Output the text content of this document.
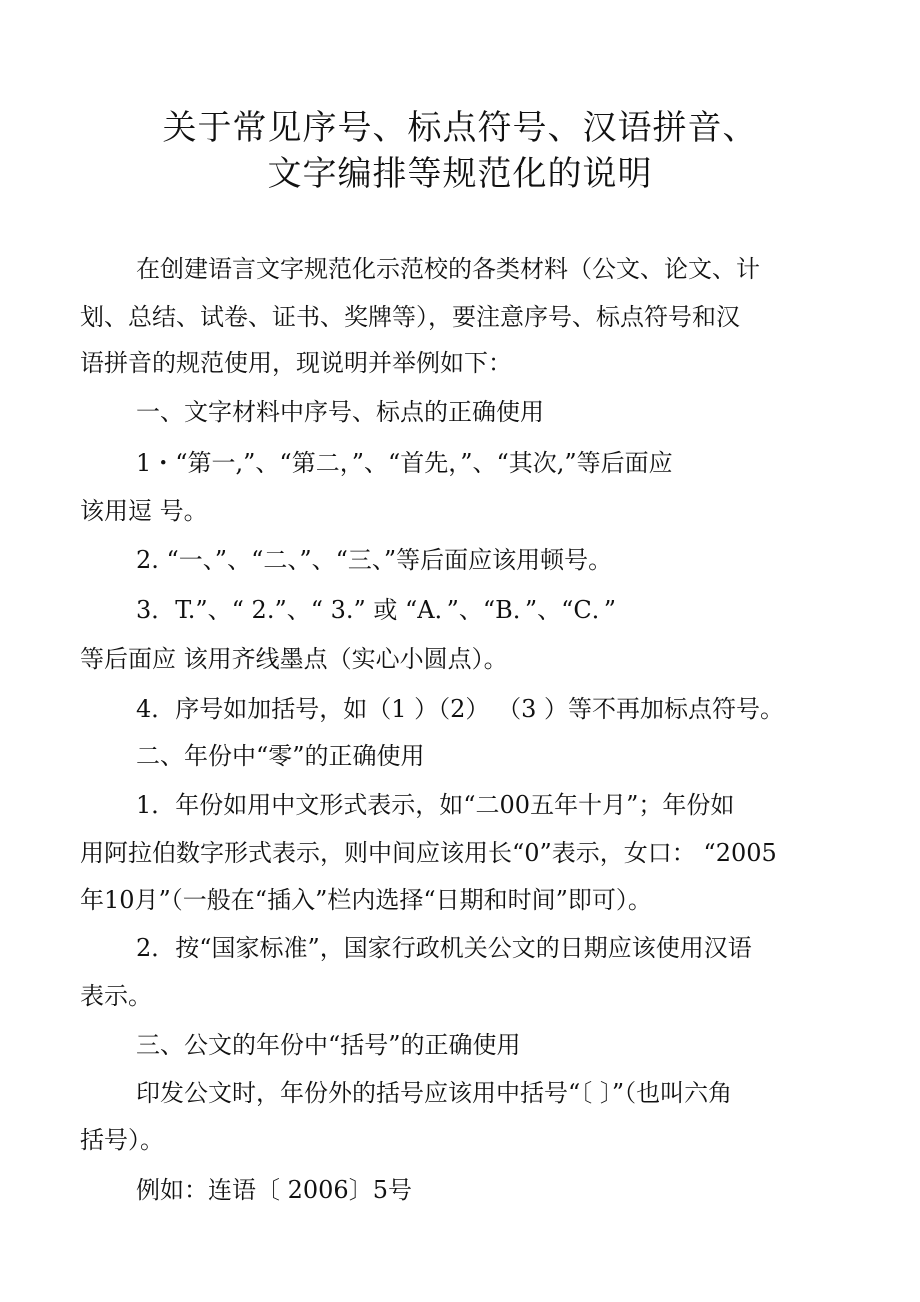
关于常见序号、标点符号、汉语拼音、
文字编排等规范化的说明
在创建语言文字规范化示范校的各类材料（公文、论文、计
划、总结、试卷、证书、奖牌等），要注意序号、标点符号和汉
语拼音的规范使用，现说明并举例如下：
一、文字材料中序号、标点的正确使用
1・“第一,”、“第二，”、“首先，”、“其次,”等后面应
该用逗 号。
2. “一、”、“二、”、“三、”等后面应该用顿号。
3．T.”、“ 2.”、“ 3.” 或 “A．”、“B．”、“C．”
等后面应 该用齐线墨点（实心小圆点）。
4．序号如加括号，如（1 ）（2） （3 ）等不再加标点符号。
二、年份中“零”的正确使用
1．年份如用中文形式表示，如“二00五年十月”；年份如
用阿拉伯数字形式表示，则中间应该用长“0”表示，女口： “2005
年10月”（一般在“插入”栏内选择“日期和时间”即可）。
2．按“国家标准”，国家行政机关公文的日期应该使用汉语
表示。
三、公文的年份中“括号”的正确使用
印发公文时，年份外的括号应该用中括号“〔 〕”（也叫六角
括号）。
例如：连语〔 2006〕5号
